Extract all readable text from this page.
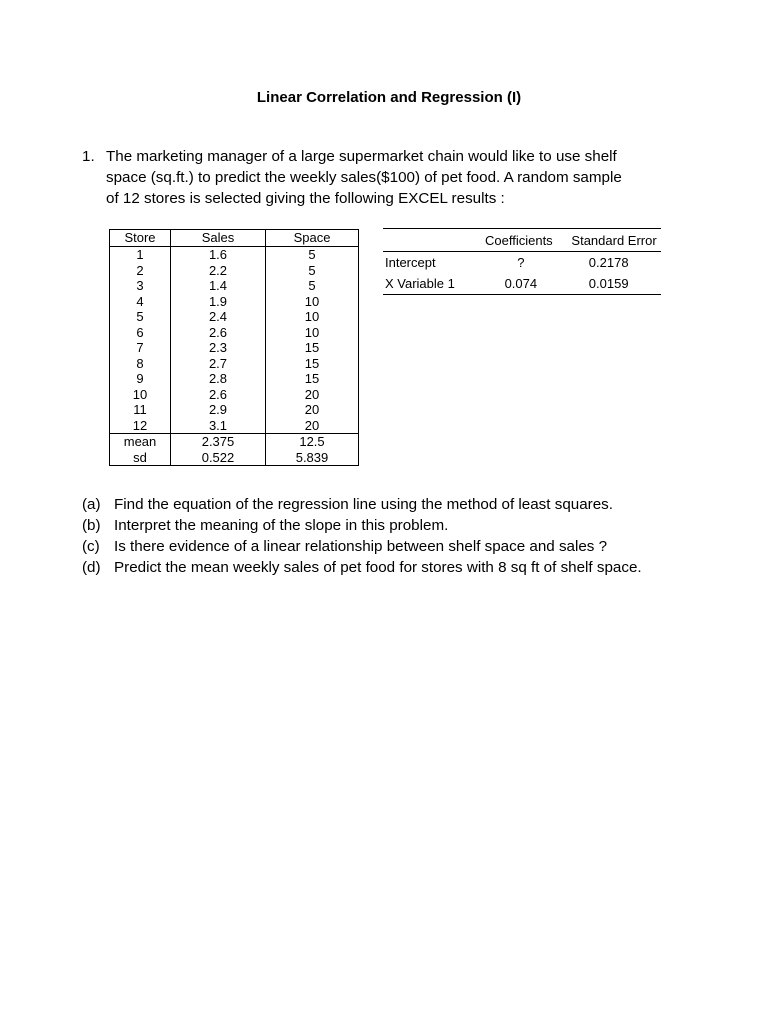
Linear Correlation and Regression (I)
1. The marketing manager of a large supermarket chain would like to use shelf
space (sq.ft.) to predict the weekly sales($100) of pet food. A random sample
of 12 stores is selected giving the following EXCEL results :
Store	Sales	Space
1	1.6	5
2	2.2	5
3	1.4	5
4	1.9	10
5	2.4	10
6	2.6	10
7	2.3	15
8	2.7	15
9	2.8	15
10	2.6	20
11	2.9	20
12	3.1	20
mean	2.375	12.5
sd	0.522	5.839
	Coefficients	Standard Error
Intercept	?	0.2178
X Variable 1	0.074	0.0159
(a) Find the equation of the regression line using the method of least squares.
(b) Interpret the meaning of the slope in this problem.
(c) Is there evidence of a linear relationship between shelf space and sales ?
(d) Predict the mean weekly sales of pet food for stores with 8 sq ft of shelf space.
